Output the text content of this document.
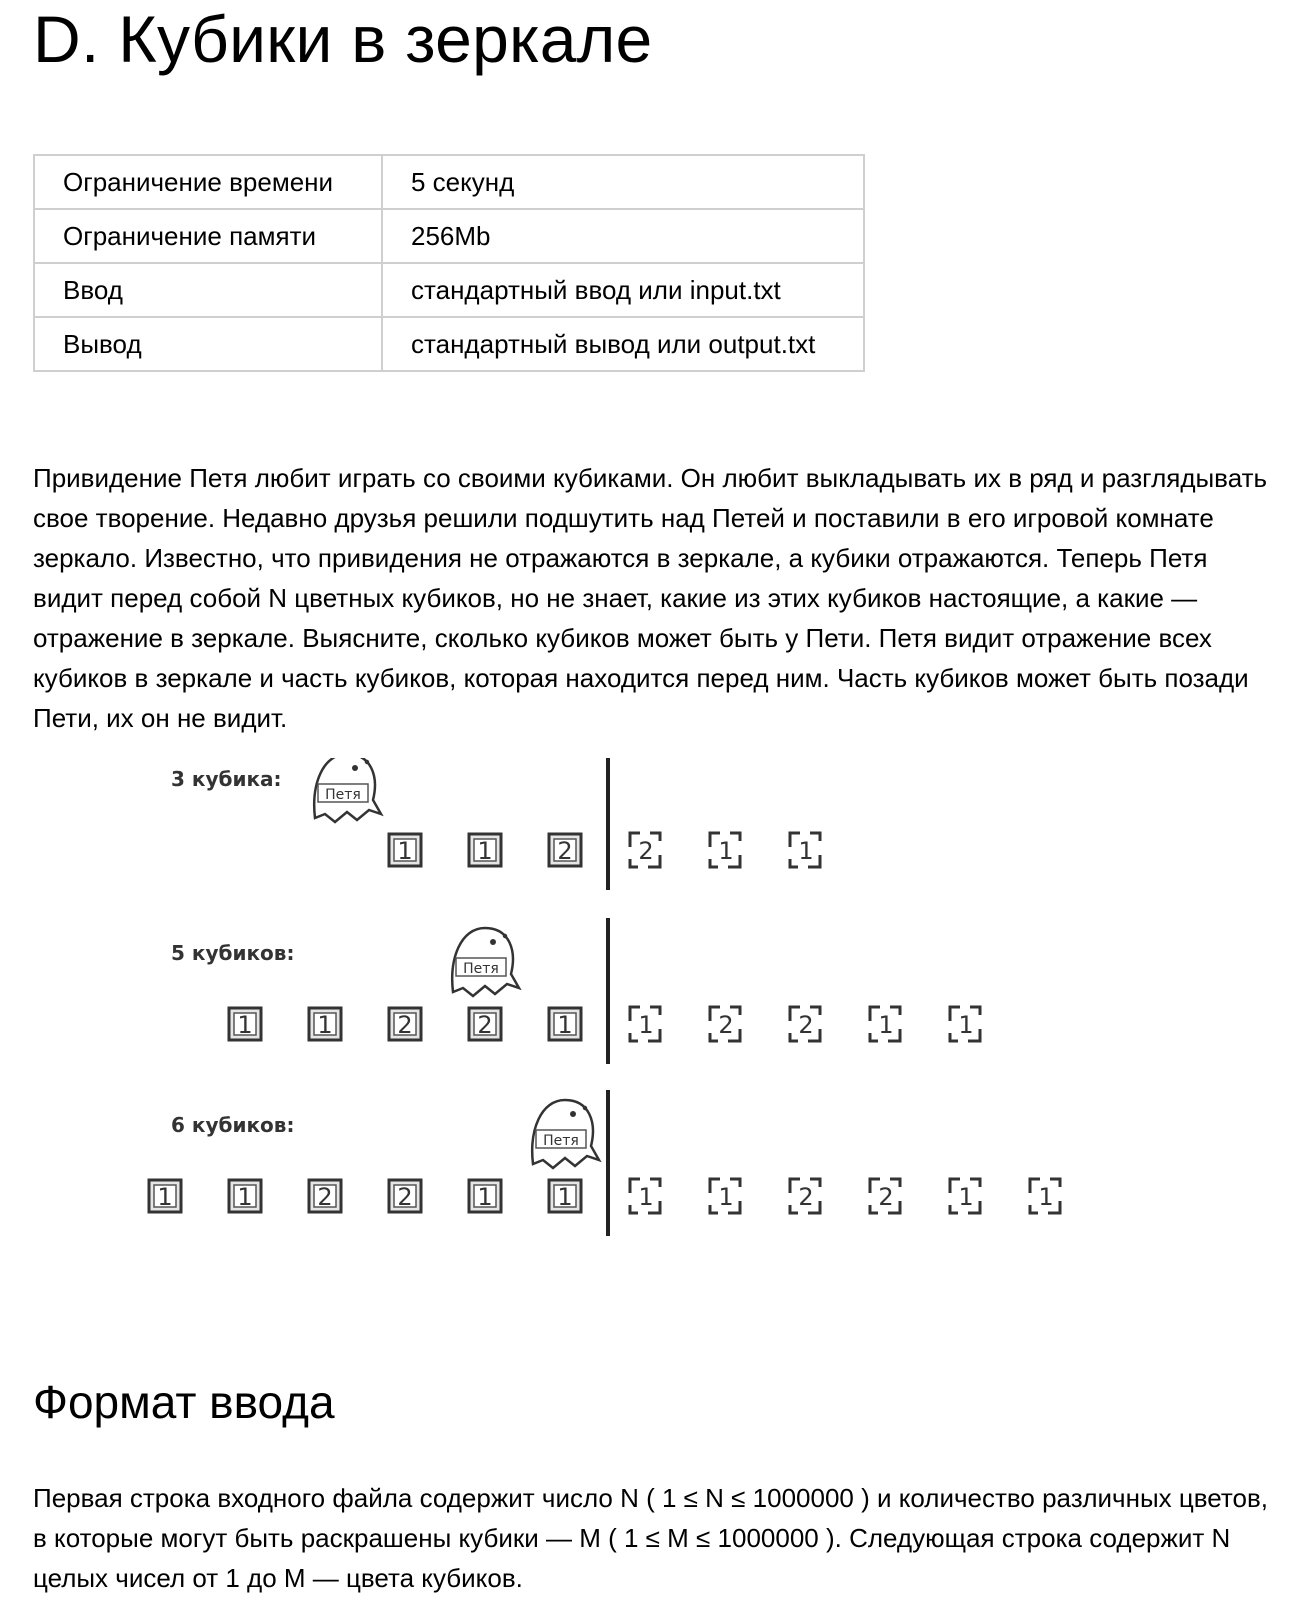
D. Кубики в зеркале
Ограничение времени	5 секунд
Ограничение памяти	256Mb
Ввод	стандартный ввод или input.txt
Вывод	стандартный вывод или output.txt

Привидение Петя любит играть со своими кубиками. Он любит выкладывать их в ряд и разглядывать свое творение. Недавно друзья решили подшутить над Петей и поставили в его игровой комнате зеркало. Известно, что привидения не отражаются в зеркале, а кубики отражаются. Теперь Петя видит перед собой N цветных кубиков, но не знает, какие из этих кубиков настоящие, а какие — отражение в зеркале. Выясните, сколько кубиков может быть у Пети. Петя видит отражение всех кубиков в зеркале и часть кубиков, которая находится перед ним. Часть кубиков может быть позади Пети, их он не видит.

3 кубика:
1	1	2	2	1	1
Петя
5 кубиков:
1	1	2	2	1	1	2	2	1	1
Петя
6 кубиков:
1	1	2	2	1	1	1	1	2	2	1	1
Петя
Формат ввода

Первая строка входного файла содержит число N ( 1 ≤ N ≤ 1000000 ) и количество различных цветов, в которые могут быть раскрашены кубики — M ( 1 ≤ M ≤ 1000000 ). Следующая строка содержит N целых чисел от 1 до M — цвета кубиков.
